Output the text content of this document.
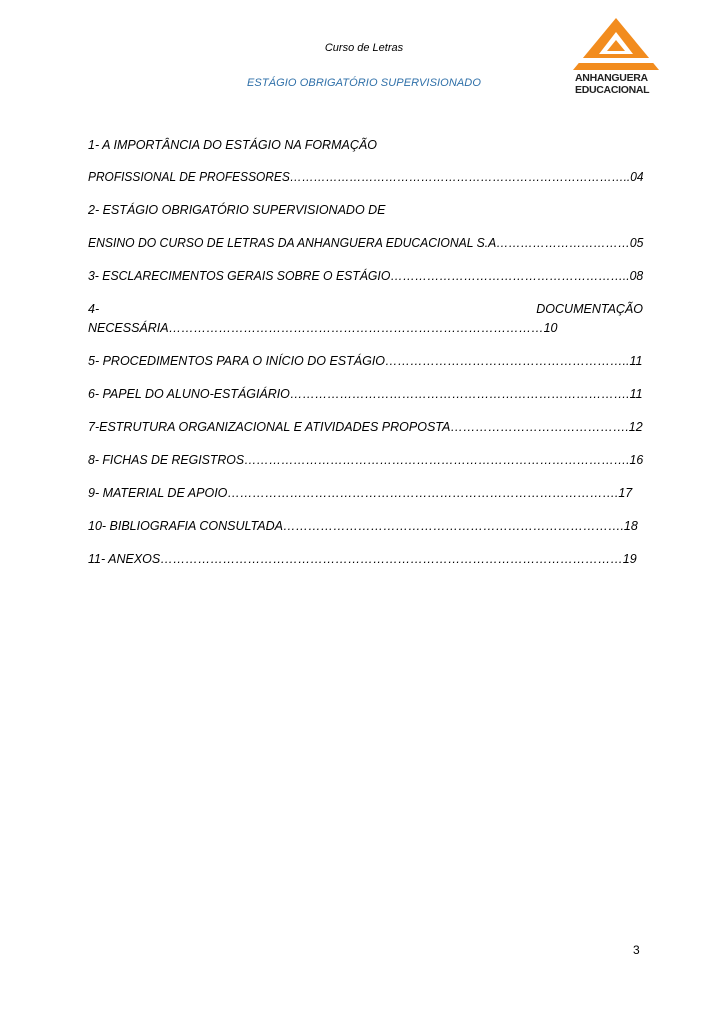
Curso de Letras
ESTÁGIO OBRIGATÓRIO SUPERVISIONADO	ANHANGUERA
EDUCACIONAL
1- A IMPORTÂNCIA DO ESTÁGIO NA FORMAÇÃO
PROFISSIONAL DE PROFESSORES…………………………………………………………………………..04
2- ESTÁGIO OBRIGATÓRIO SUPERVISIONADO DE
ENSINO DO CURSO DE LETRAS DA ANHANGUERA EDUCACIONAL S.A……………………………05
3- ESCLARECIMENTOS GERAIS SOBRE O ESTÁGIO…………………………………………………..08
4-	DOCUMENTAÇÃO
NECESSÁRIA………………………………………………………………………………10
5- PROCEDIMENTOS PARA O INÍCIO DO ESTÁGIO…………………………………………………..11
6- PAPEL DO ALUNO-ESTÁGIÁRIO……………………………………………………………………….11
7-ESTRUTURA ORGANIZACIONAL E ATIVIDADES PROPOSTA…………………………………….12
8- FICHAS DE REGISTROS………………………………………………………………………………….16
9- MATERIAL DE APOIO………………………………………………………………………………….17
10- BIBLIOGRAFIA CONSULTADA……………………………………………………………………….18
11- ANEXOS…………………………………………………………………………………………………19
3
